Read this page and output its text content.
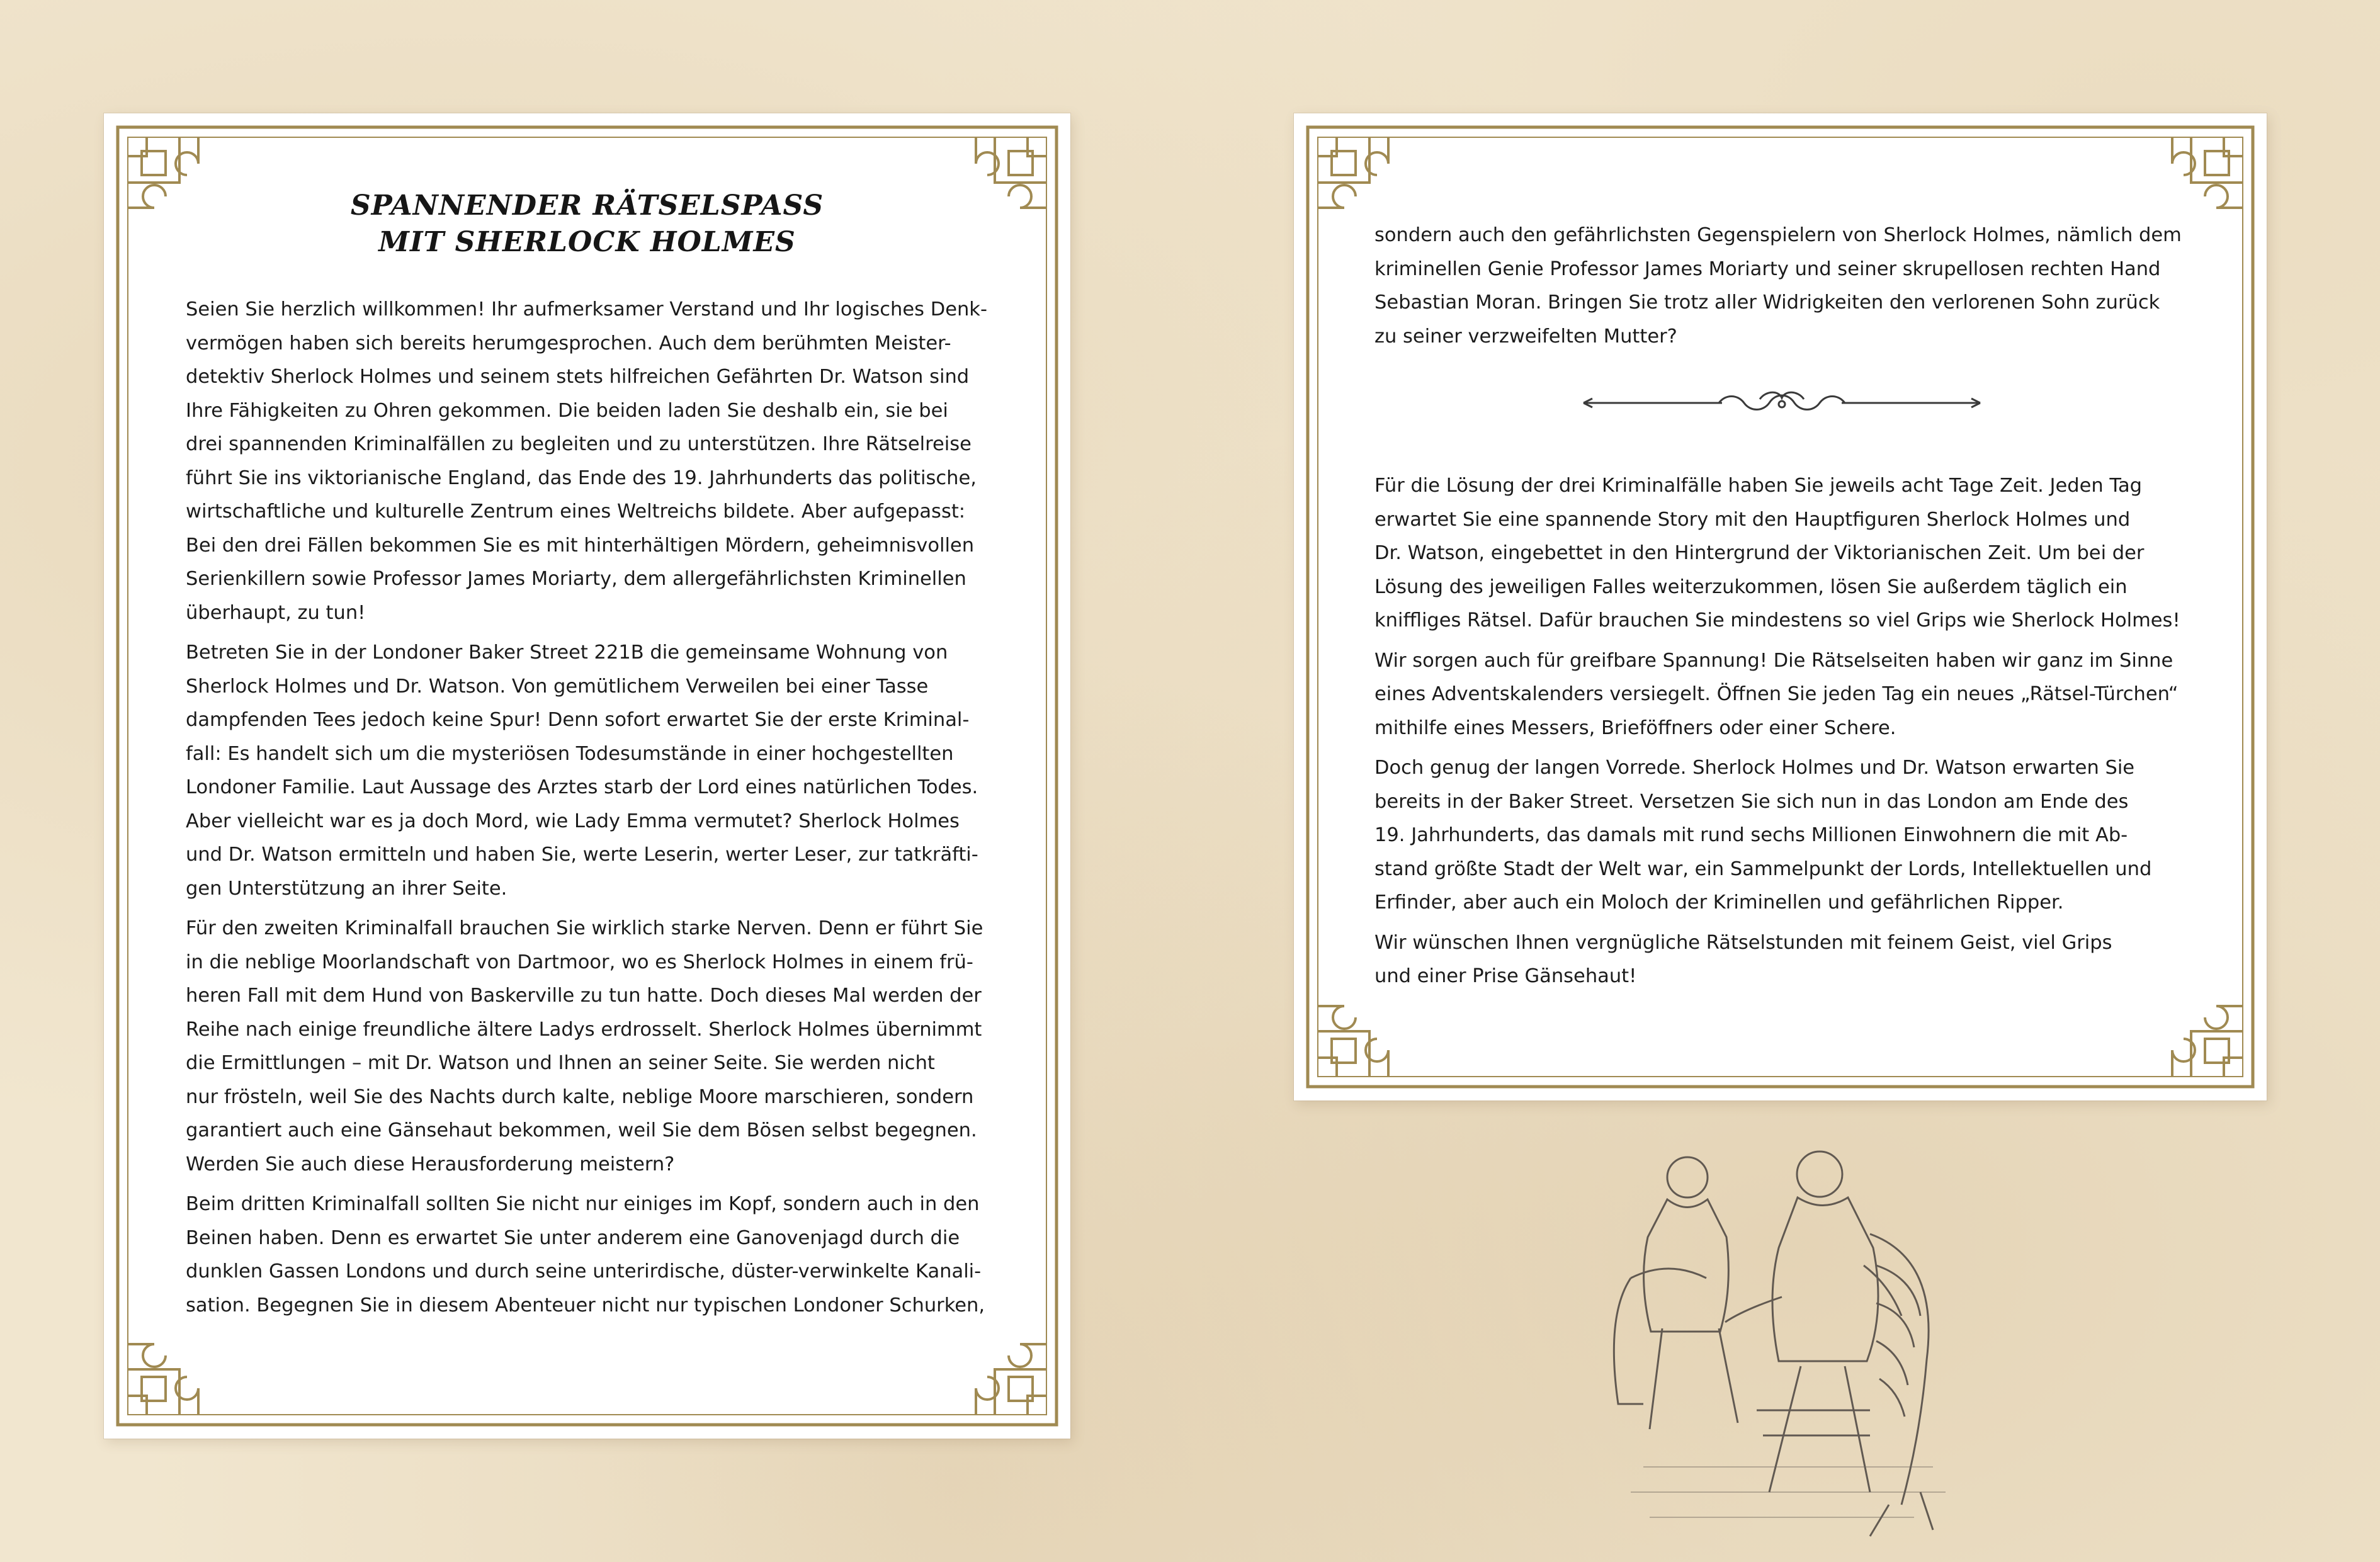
SPANNENDER RÄTSELSPASS
MIT SHERLOCK HOLMES

Seien Sie herzlich willkommen! Ihr aufmerksamer Verstand und Ihr logisches Denk-
vermögen haben sich bereits herumgesprochen. Auch dem berühmten Meister-
detektiv Sherlock Holmes und seinem stets hilfreichen Gefährten Dr. Watson sind
Ihre Fähigkeiten zu Ohren gekommen. Die beiden laden Sie deshalb ein, sie bei
drei spannenden Kriminalfällen zu begleiten und zu unterstützen. Ihre Rätselreise
führt Sie ins viktorianische England, das Ende des 19. Jahrhunderts das politische,
wirtschaftliche und kulturelle Zentrum eines Weltreichs bildete. Aber aufgepasst:
Bei den drei Fällen bekommen Sie es mit hinterhältigen Mördern, geheimnisvollen
Serienkillern sowie Professor James Moriarty, dem allergefährlichsten Kriminellen
überhaupt, zu tun!

Betreten Sie in der Londoner Baker Street 221B die gemeinsame Wohnung von
Sherlock Holmes und Dr. Watson. Von gemütlichem Verweilen bei einer Tasse
dampfenden Tees jedoch keine Spur! Denn sofort erwartet Sie der erste Kriminal-
fall: Es handelt sich um die mysteriösen Todesumstände in einer hochgestellten
Londoner Familie. Laut Aussage des Arztes starb der Lord eines natürlichen Todes.
Aber vielleicht war es ja doch Mord, wie Lady Emma vermutet? Sherlock Holmes
und Dr. Watson ermitteln und haben Sie, werte Leserin, werter Leser, zur tatkräfti-
gen Unterstützung an ihrer Seite.

Für den zweiten Kriminalfall brauchen Sie wirklich starke Nerven. Denn er führt Sie
in die neblige Moorlandschaft von Dartmoor, wo es Sherlock Holmes in einem frü-
heren Fall mit dem Hund von Baskerville zu tun hatte. Doch dieses Mal werden der
Reihe nach einige freundliche ältere Ladys erdrosselt. Sherlock Holmes übernimmt
die Ermittlungen – mit Dr. Watson und Ihnen an seiner Seite. Sie werden nicht
nur frösteln, weil Sie des Nachts durch kalte, neblige Moore marschieren, sondern
garantiert auch eine Gänsehaut bekommen, weil Sie dem Bösen selbst begegnen.
Werden Sie auch diese Herausforderung meistern?

Beim dritten Kriminalfall sollten Sie nicht nur einiges im Kopf, sondern auch in den
Beinen haben. Denn es erwartet Sie unter anderem eine Ganovenjagd durch die
dunklen Gassen Londons und durch seine unterirdische, düster-verwinkelte Kanali-
sation. Begegnen Sie in diesem Abenteuer nicht nur typischen Londoner Schurken,

sondern auch den gefährlichsten Gegenspielern von Sherlock Holmes, nämlich dem
kriminellen Genie Professor James Moriarty und seiner skrupellosen rechten Hand
Sebastian Moran. Bringen Sie trotz aller Widrigkeiten den verlorenen Sohn zurück
zu seiner verzweifelten Mutter?

Für die Lösung der drei Kriminalfälle haben Sie jeweils acht Tage Zeit. Jeden Tag
erwartet Sie eine spannende Story mit den Hauptfiguren Sherlock Holmes und
Dr. Watson, eingebettet in den Hintergrund der Viktorianischen Zeit. Um bei der
Lösung des jeweiligen Falles weiterzukommen, lösen Sie außerdem täglich ein
kniffliges Rätsel. Dafür brauchen Sie mindestens so viel Grips wie Sherlock Holmes!

Wir sorgen auch für greifbare Spannung! Die Rätselseiten haben wir ganz im Sinne
eines Adventskalenders versiegelt. Öffnen Sie jeden Tag ein neues „Rätsel-Türchen“
mithilfe eines Messers, Brieföffners oder einer Schere.

Doch genug der langen Vorrede. Sherlock Holmes und Dr. Watson erwarten Sie
bereits in der Baker Street. Versetzen Sie sich nun in das London am Ende des
19. Jahrhunderts, das damals mit rund sechs Millionen Einwohnern die mit Ab-
stand größte Stadt der Welt war, ein Sammelpunkt der Lords, Intellektuellen und
Erfinder, aber auch ein Moloch der Kriminellen und gefährlichen Ripper.

Wir wünschen Ihnen vergnügliche Rätselstunden mit feinem Geist, viel Grips
und einer Prise Gänsehaut!
